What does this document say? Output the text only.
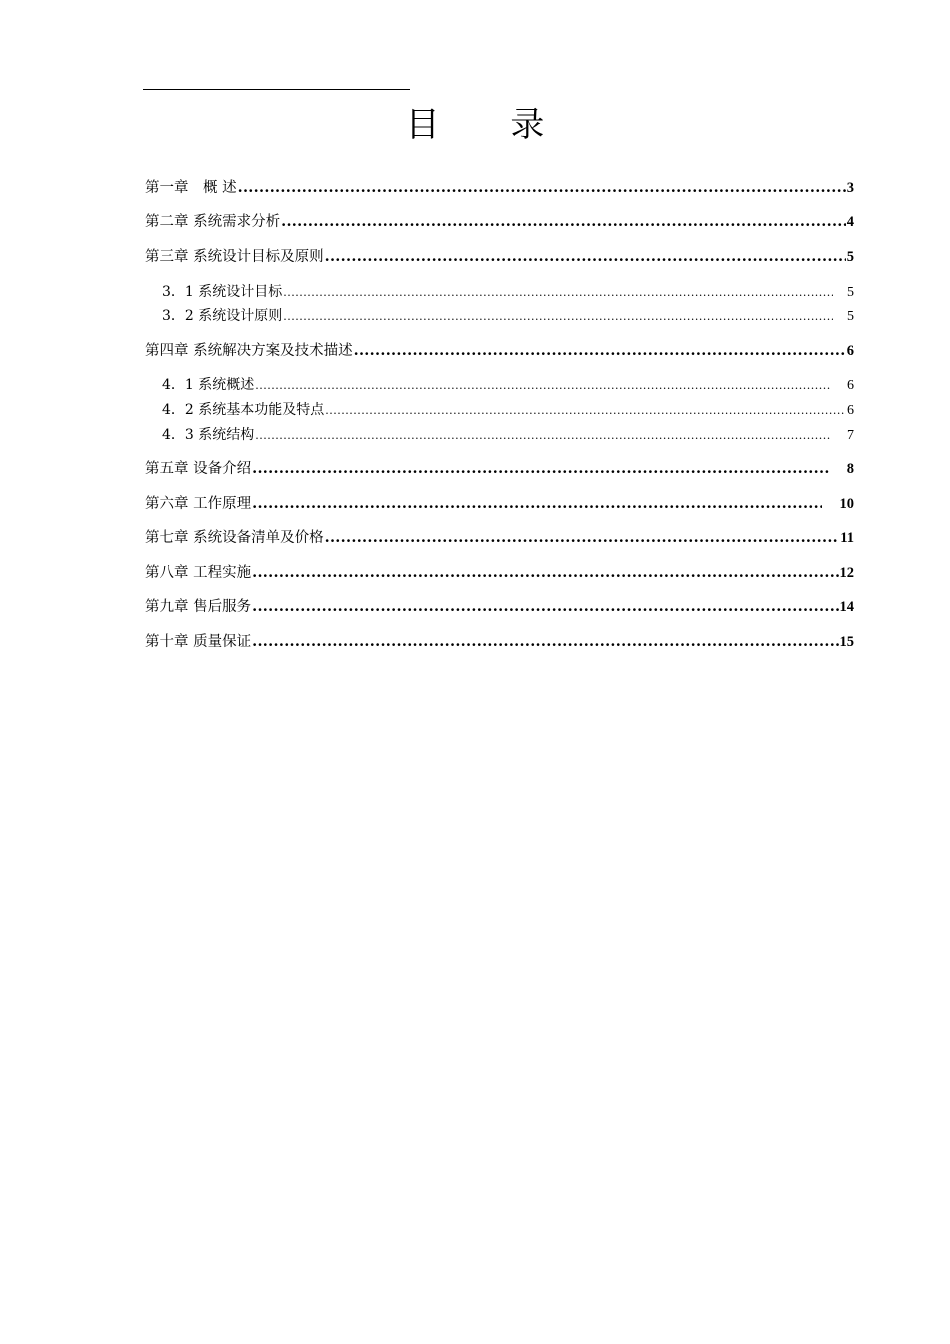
目 录
第一章　概 述 .....	3
第二章 系统需求分析 .....	4
第三章 系统设计目标及原则 .....	5
3．1 系统设计目标 .....	5
3．2 系统设计原则 .....	5
第四章 系统解决方案及技术描述 .....	6
4．1 系统概述 .....	6
4．2 系统基本功能及特点 .....	6
4．3 系统结构 .....	7
第五章 设备介绍 .....	8
第六章 工作原理 .....	10
第七章 系统设备清单及价格 .....	11
第八章 工程实施 .....	12
第九章 售后服务 .....	14
第十章 质量保证 .....	15
